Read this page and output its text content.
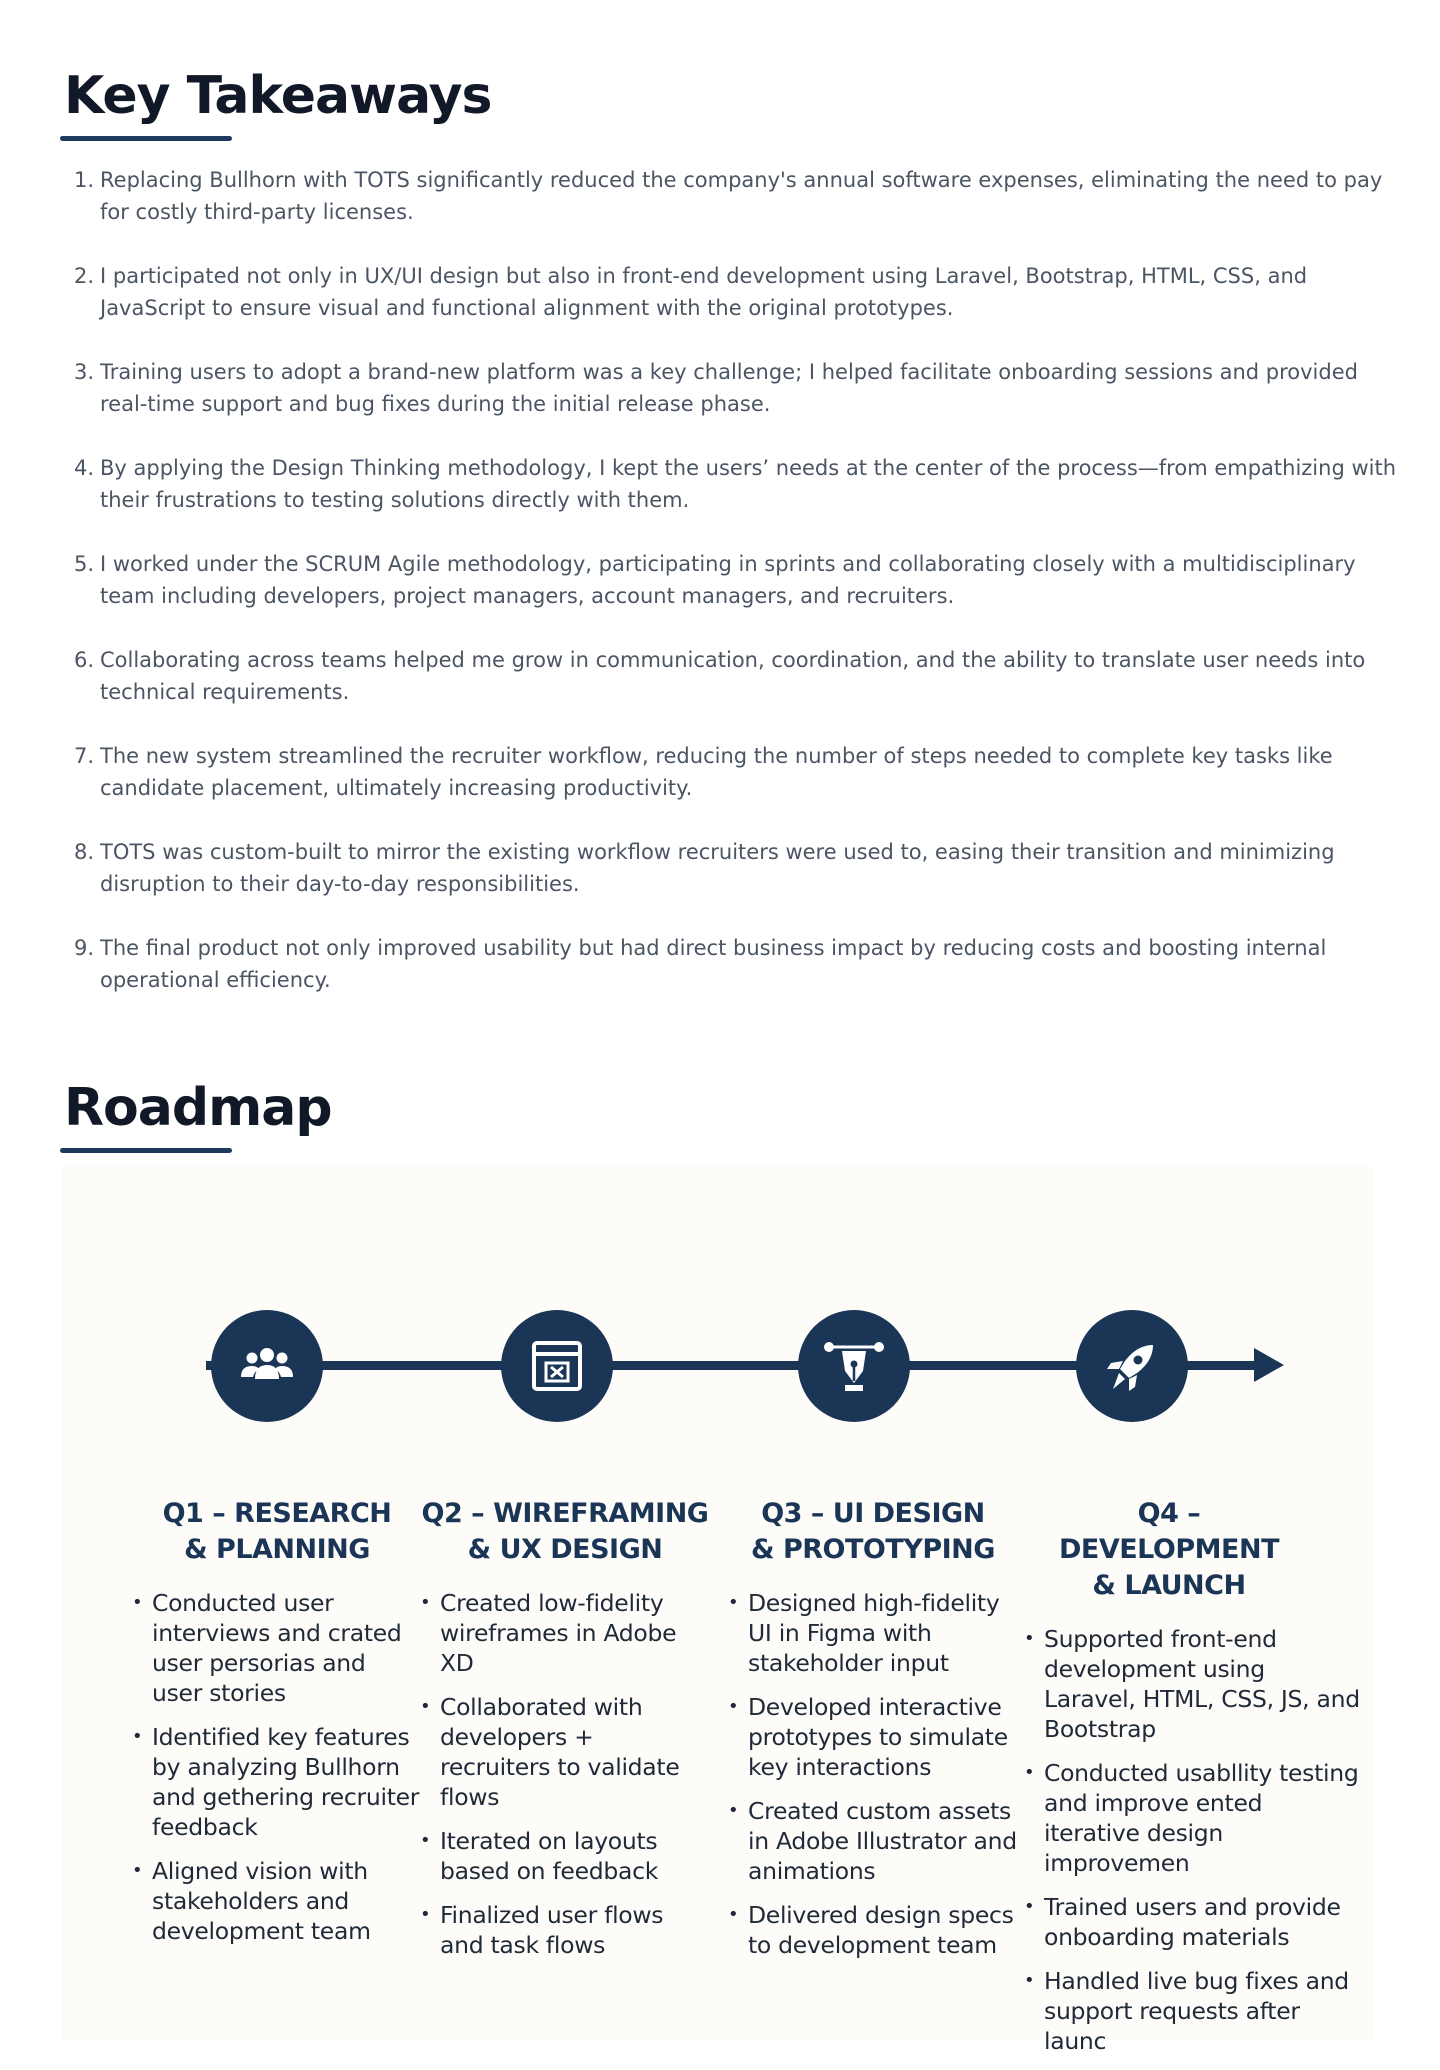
Key Takeaways
Replacing Bullhorn with TOTS significantly reduced the company's annual software expenses, eliminating the need to pay for costly third-party licenses.
I participated not only in UX/UI design but also in front-end development using Laravel, Bootstrap, HTML, CSS, and JavaScript to ensure visual and functional alignment with the original prototypes.
Training users to adopt a brand-new platform was a key challenge; I helped facilitate onboarding sessions and provided real-time support and bug fixes during the initial release phase.
By applying the Design Thinking methodology, I kept the users’ needs at the center of the process—from empathizing with their frustrations to testing solutions directly with them.
I worked under the SCRUM Agile methodology, participating in sprints and collaborating closely with a multidisciplinary team including developers, project managers, account managers, and recruiters.
Collaborating across teams helped me grow in communication, coordination, and the ability to translate user needs into technical requirements.
The new system streamlined the recruiter workflow, reducing the number of steps needed to complete key tasks like candidate placement, ultimately increasing productivity.
TOTS was custom-built to mirror the existing workflow recruiters were used to, easing their transition and minimizing disruption to their day-to-day responsibilities.
The final product not only improved usability but had direct business impact by reducing costs and boosting internal operational efficiency.
Roadmap
Q1 – RESEARCH
& PLANNING
• Conducted user interviews and crated user persorias and user stories
• Identified key features by analyzing Bullhorn and gethering recruiter feedback
• Aligned vision with stakeholders and development team
Q2 – WIREFRAMING
& UX DESIGN
• Created low-fidelity wireframes in Adobe XD
• Collaborated with developers + recruiters to validate flows
• Iterated on layouts based on feedback
• Finalized user flows and task flows
Q3 – UI DESIGN
& PROTOTYPING
• Designed high-fidelity UI in Figma with stakeholder input
• Developed interactive prototypes to simulate key interactions
• Created custom assets in Adobe Illustrator and animations
• Delivered design specs to development team
Q4 – DEVELOPMENT
& LAUNCH
• Supported front-end development using Laravel, HTML, CSS, JS, and Bootstrap
• Conducted usabllity testing and improve ented iterative design improvemen
• Trained users and provide onboarding materials
• Handled live bug fixes and support requests after launc
